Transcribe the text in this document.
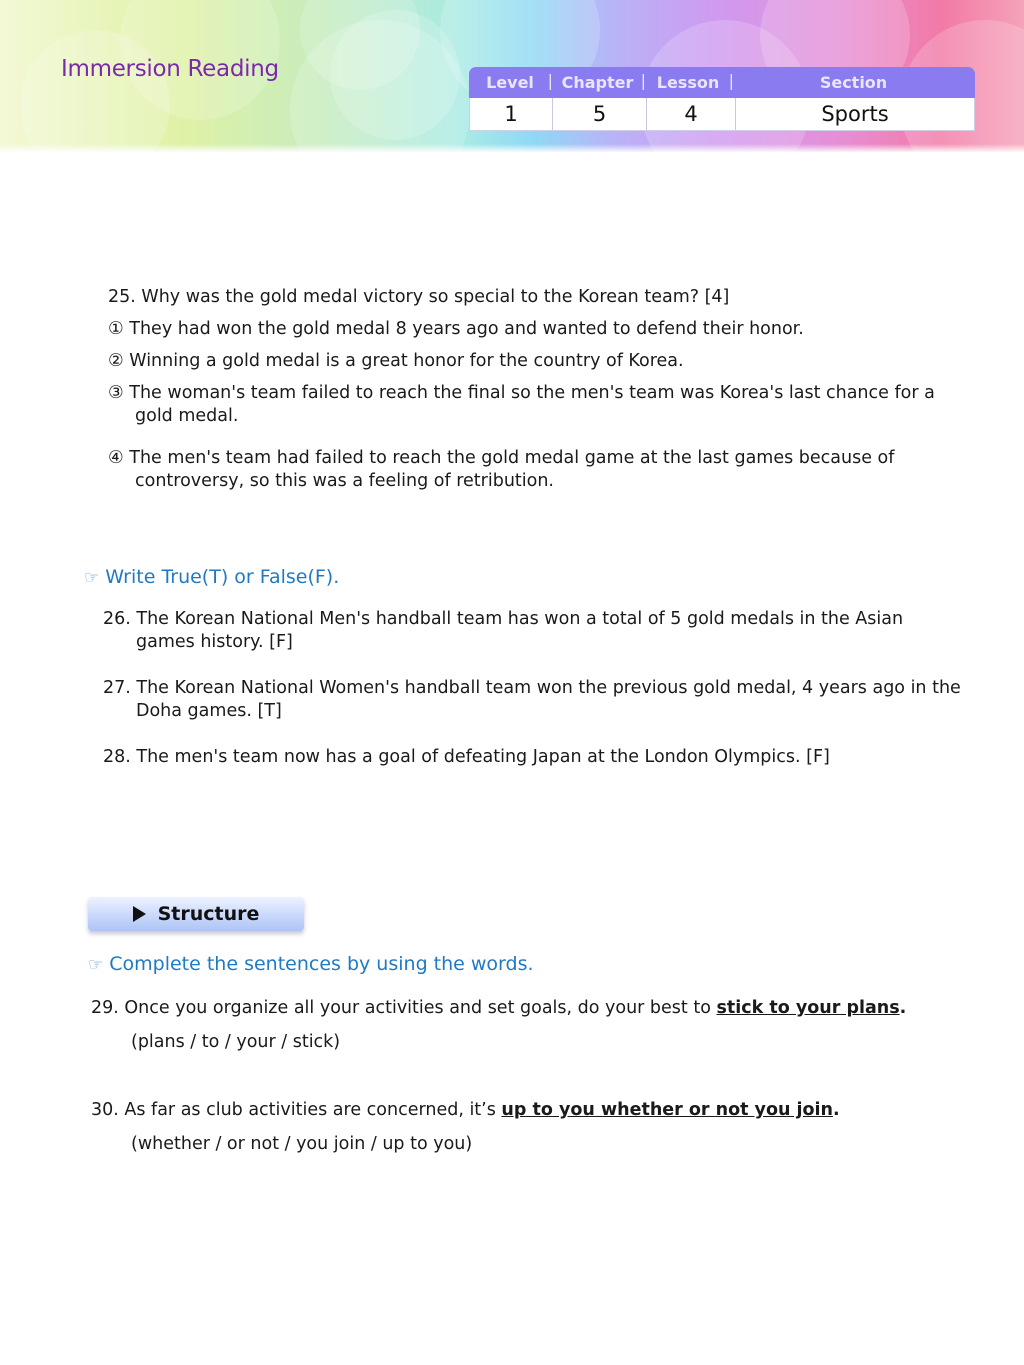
Immersion Reading
Level |	Chapter |	Lesson |	Section
1	5	4	Sports
25. Why was the gold medal victory so special to the Korean team? [4]
① They had won the gold medal 8 years ago and wanted to defend their honor.
② Winning a gold medal is a great honor for the country of Korea.
③ The woman's team failed to reach the final so the men's team was Korea's last chance for a
gold medal.
④ The men's team had failed to reach the gold medal game at the last games because of
controversy, so this was a feeling of retribution.
☞ Write True(T) or False(F).
26. The Korean National Men's handball team has won a total of 5 gold medals in the Asian
games history. [F]
27. The Korean National Women's handball team won the previous gold medal, 4 years ago in the
Doha games. [T]
28. The men's team now has a goal of defeating Japan at the London Olympics. [F]
Structure
☞ Complete the sentences by using the words.
29. Once you organize all your activities and set goals, do your best to stick to your plans.
(plans / to / your / stick)
30. As far as club activities are concerned, it’s up to you whether or not you join.
(whether / or not / you join / up to you)
